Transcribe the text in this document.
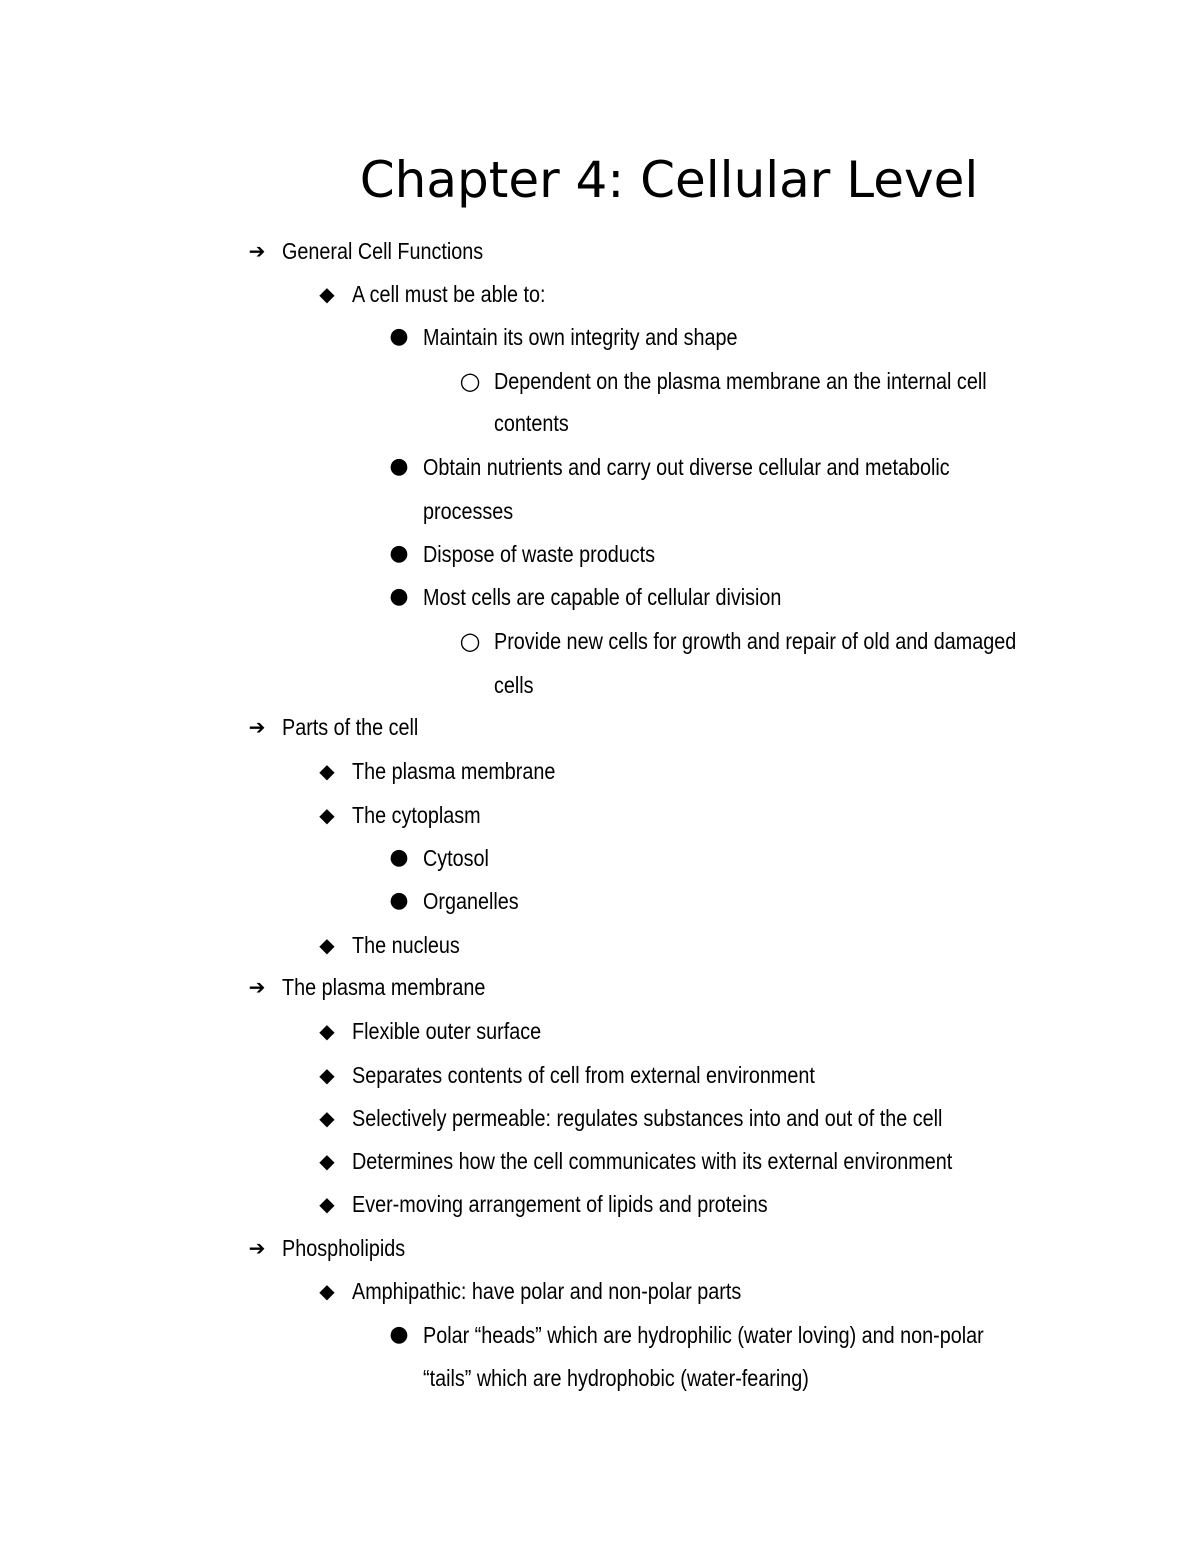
Chapter 4: Cellular Level
➔ General Cell Functions
◆ A cell must be able to:
● Maintain its own integrity and shape
○ Dependent on the plasma membrane an the internal cell
contents
● Obtain nutrients and carry out diverse cellular and metabolic
processes
● Dispose of waste products
● Most cells are capable of cellular division
○ Provide new cells for growth and repair of old and damaged
cells
➔ Parts of the cell
◆ The plasma membrane
◆ The cytoplasm
● Cytosol
● Organelles
◆ The nucleus
➔ The plasma membrane
◆ Flexible outer surface
◆ Separates contents of cell from external environment
◆ Selectively permeable: regulates substances into and out of the cell
◆ Determines how the cell communicates with its external environment
◆ Ever-moving arrangement of lipids and proteins
➔ Phospholipids
◆ Amphipathic: have polar and non-polar parts
● Polar “heads” which are hydrophilic (water loving) and non-polar
“tails” which are hydrophobic (water-fearing)
